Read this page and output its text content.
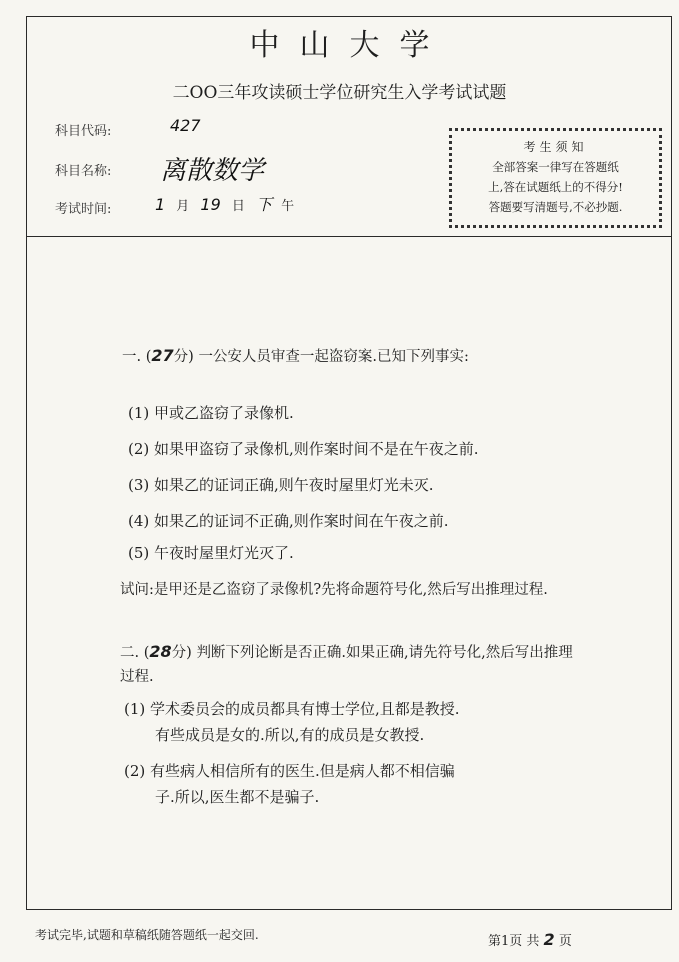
中山大学
二OO三年攻读硕士学位研究生入学考试试题
科目代码:	427
科目名称: 离散数学
考试时间:	1 月 19 日 下 午
考生须知
全部答案一律写在答题纸
上,答在试题纸上的不得分!
答题要写清题号,不必抄题.
一. (27分) 一公安人员审查一起盗窃案.已知下列事实:
(1) 甲或乙盗窃了录像机.
(2) 如果甲盗窃了录像机,则作案时间不是在午夜之前.
(3) 如果乙的证词正确,则午夜时屋里灯光未灭.
(4) 如果乙的证词不正确,则作案时间在午夜之前.
(5) 午夜时屋里灯光灭了.
试问:是甲还是乙盗窃了录像机?先将命题符号化,然后写出推理过程.
二. (28分) 判断下列论断是否正确.如果正确,请先符号化,然后写出推理过程.
(1) 学术委员会的成员都具有博士学位,且都是教授.
有些成员是女的.所以,有的成员是女教授.
(2) 有些病人相信所有的医生.但是病人都不相信骗
子.所以,医生都不是骗子.
考试完毕,试题和草稿纸随答题纸一起交回.	第1页 共 2 页
